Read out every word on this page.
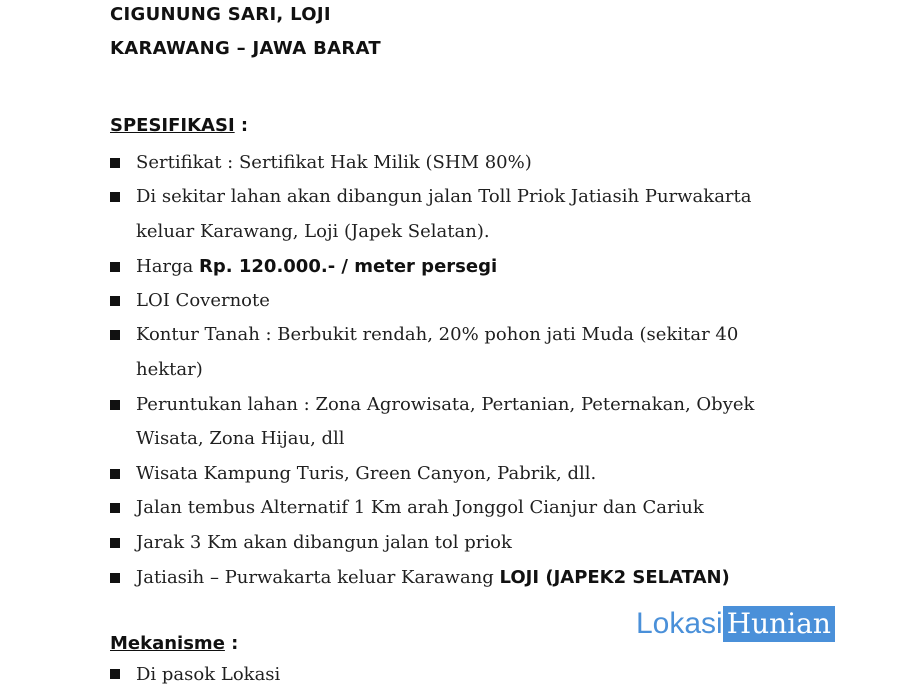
CIGUNUNG SARI, LOJI
KARAWANG – JAWA BARAT
SPESIFIKASI :
Sertifikat : Sertifikat Hak Milik (SHM 80%)
Di sekitar lahan akan dibangun jalan Toll Priok Jatiasih Purwakarta
keluar Karawang, Loji (Japek Selatan).
Harga Rp. 120.000.- / meter persegi
LOI Covernote
Kontur Tanah : Berbukit rendah, 20% pohon jati Muda (sekitar 40
hektar)
Peruntukan lahan : Zona Agrowisata, Pertanian, Peternakan, Obyek
Wisata, Zona Hijau, dll
Wisata Kampung Turis, Green Canyon, Pabrik, dll.
Jalan tembus Alternatif 1 Km arah Jonggol Cianjur dan Cariuk
Jarak 3 Km akan dibangun jalan tol priok
Jatiasih – Purwakarta keluar Karawang LOJI (JAPEK2 SELATAN)
Mekanisme :
Di pasok Lokasi
Lokasi Hunian
